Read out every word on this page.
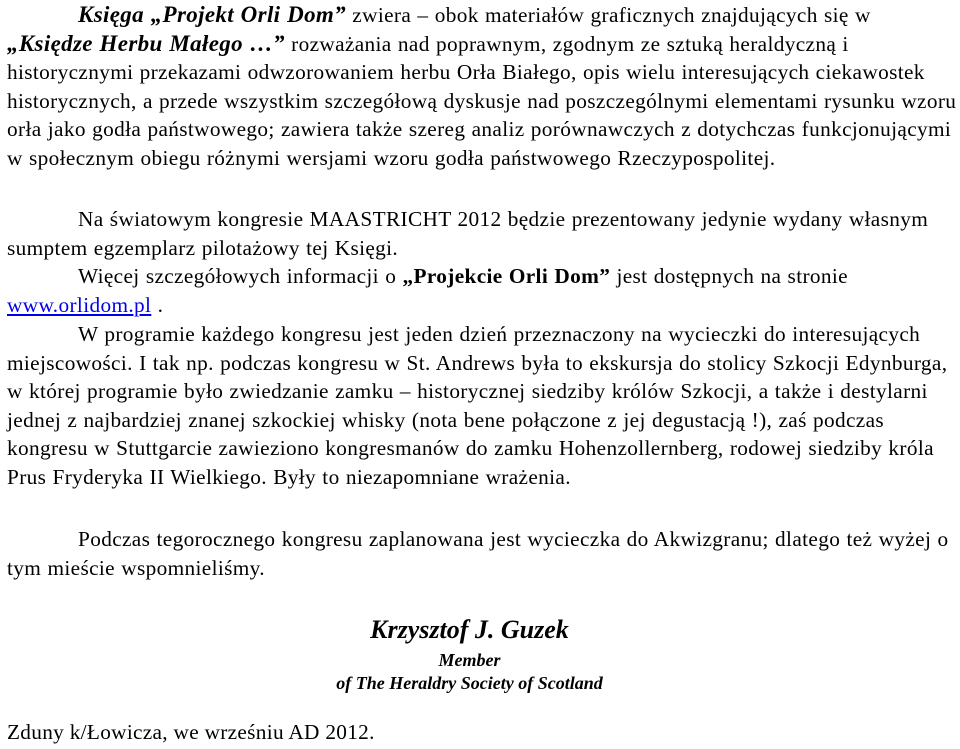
Księga „Projekt Orli Dom” zwiera – obok materiałów graficznych znajdujących się w „Księdze Herbu Małego …” rozważania nad poprawnym, zgodnym ze sztuką heraldyczną i historycznymi przekazami odwzorowaniem herbu Orła Białego, opis wielu interesujących ciekawostek historycznych, a przede wszystkim szczegółową dyskusje nad poszczególnymi elementami rysunku wzoru orła jako godła państwowego; zawiera także szereg analiz porównawczych z dotychczas funkcjonującymi w społecznym obiegu różnymi wersjami wzoru godła państwowego Rzeczypospolitej.

Na światowym kongresie MAASTRICHT 2012 będzie prezentowany jedynie wydany własnym sumptem egzemplarz pilotażowy tej Księgi.

Więcej szczegółowych informacji o „Projekcie Orli Dom” jest dostępnych na stronie www.orlidom.pl .

W programie każdego kongresu jest jeden dzień przeznaczony na wycieczki do interesujących miejscowości. I tak np. podczas kongresu w St. Andrews była to ekskursja do stolicy Szkocji Edynburga, w której programie było zwiedzanie zamku – historycznej siedziby królów Szkocji, a także i destylarni jednej z najbardziej znanej szkockiej whisky (nota bene połączone z jej degustacją !), zaś podczas kongresu w Stuttgarcie zawieziono kongresmanów do zamku Hohenzollernberg, rodowej siedziby króla Prus Fryderyka II Wielkiego. Były to niezapomniane wrażenia.

Podczas tegorocznego kongresu zaplanowana jest wycieczka do Akwizgranu; dlatego też wyżej o tym mieście wspomnieliśmy.

Krzysztof J. Guzek
Member
of The Heraldry Society of Scotland
Zduny k/Łowicza, we wrześniu AD 2012.
